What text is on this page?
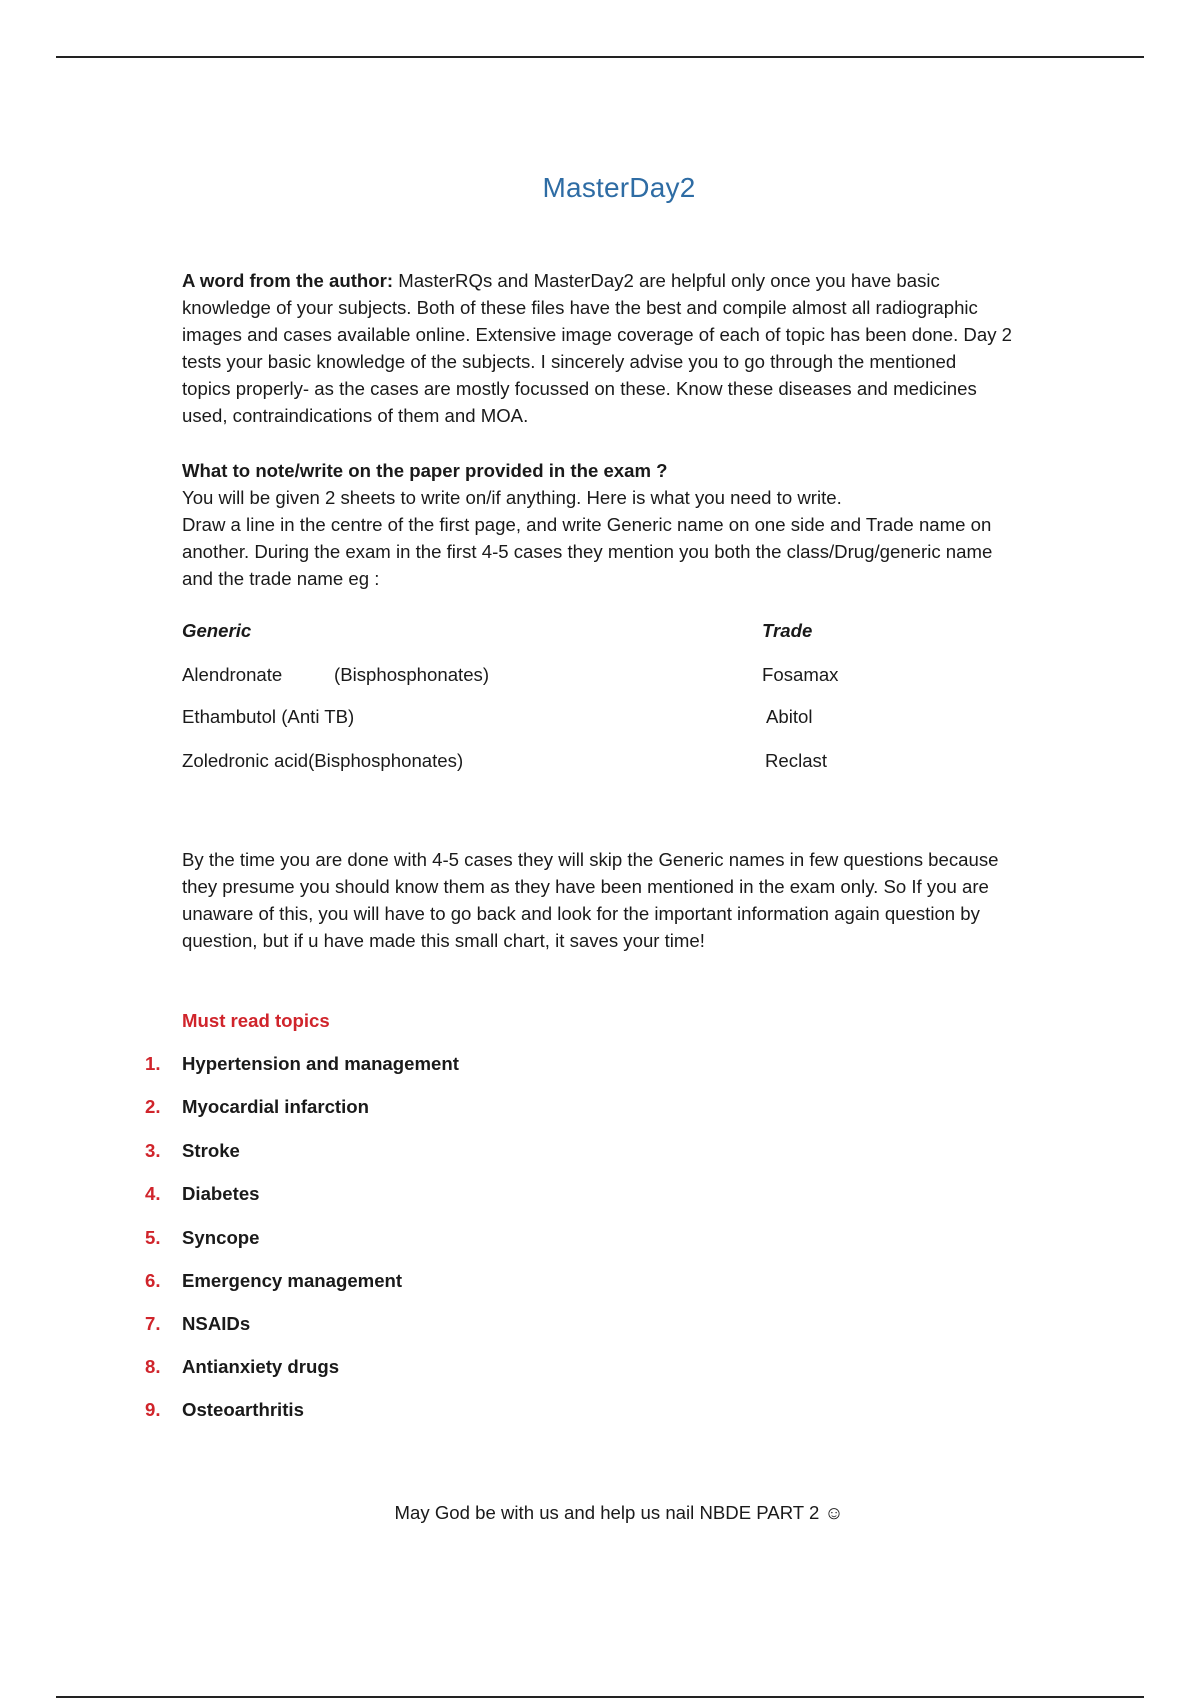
MasterDay2
A word from the author: MasterRQs and MasterDay2 are helpful only once you have basic
knowledge of your subjects. Both of these files have the best and compile almost all radiographic
images and cases available online. Extensive image coverage of each of topic has been done. Day 2
tests your basic knowledge of the subjects. I sincerely advise you to go through the mentioned
topics properly- as the cases are mostly focussed on these. Know these diseases and medicines
used, contraindications of them and MOA.
What to note/write on the paper provided in the exam ?
You will be given 2 sheets to write on/if anything. Here is what you need to write.
Draw a line in the centre of the first page, and write Generic name on one side and Trade name on
another. During the exam in the first 4-5 cases they mention you both the class/Drug/generic name
and the trade name eg :
Generic	Trade
Alendronate	(Bisphosphonates)	Fosamax
Ethambutol (Anti TB)	Abitol
Zoledronic acid(Bisphosphonates)	Reclast
By the time you are done with 4-5 cases they will skip the Generic names in few questions because
they presume you should know them as they have been mentioned in the exam only. So If you are
unaware of this, you will have to go back and look for the important information again question by
question, but if u have made this small chart, it saves your time!
Must read topics
1. Hypertension and management
2. Myocardial infarction
3. Stroke
4. Diabetes
5. Syncope
6. Emergency management
7. NSAIDs
8. Antianxiety drugs
9. Osteoarthritis
May God be with us and help us nail NBDE PART 2 ☺
